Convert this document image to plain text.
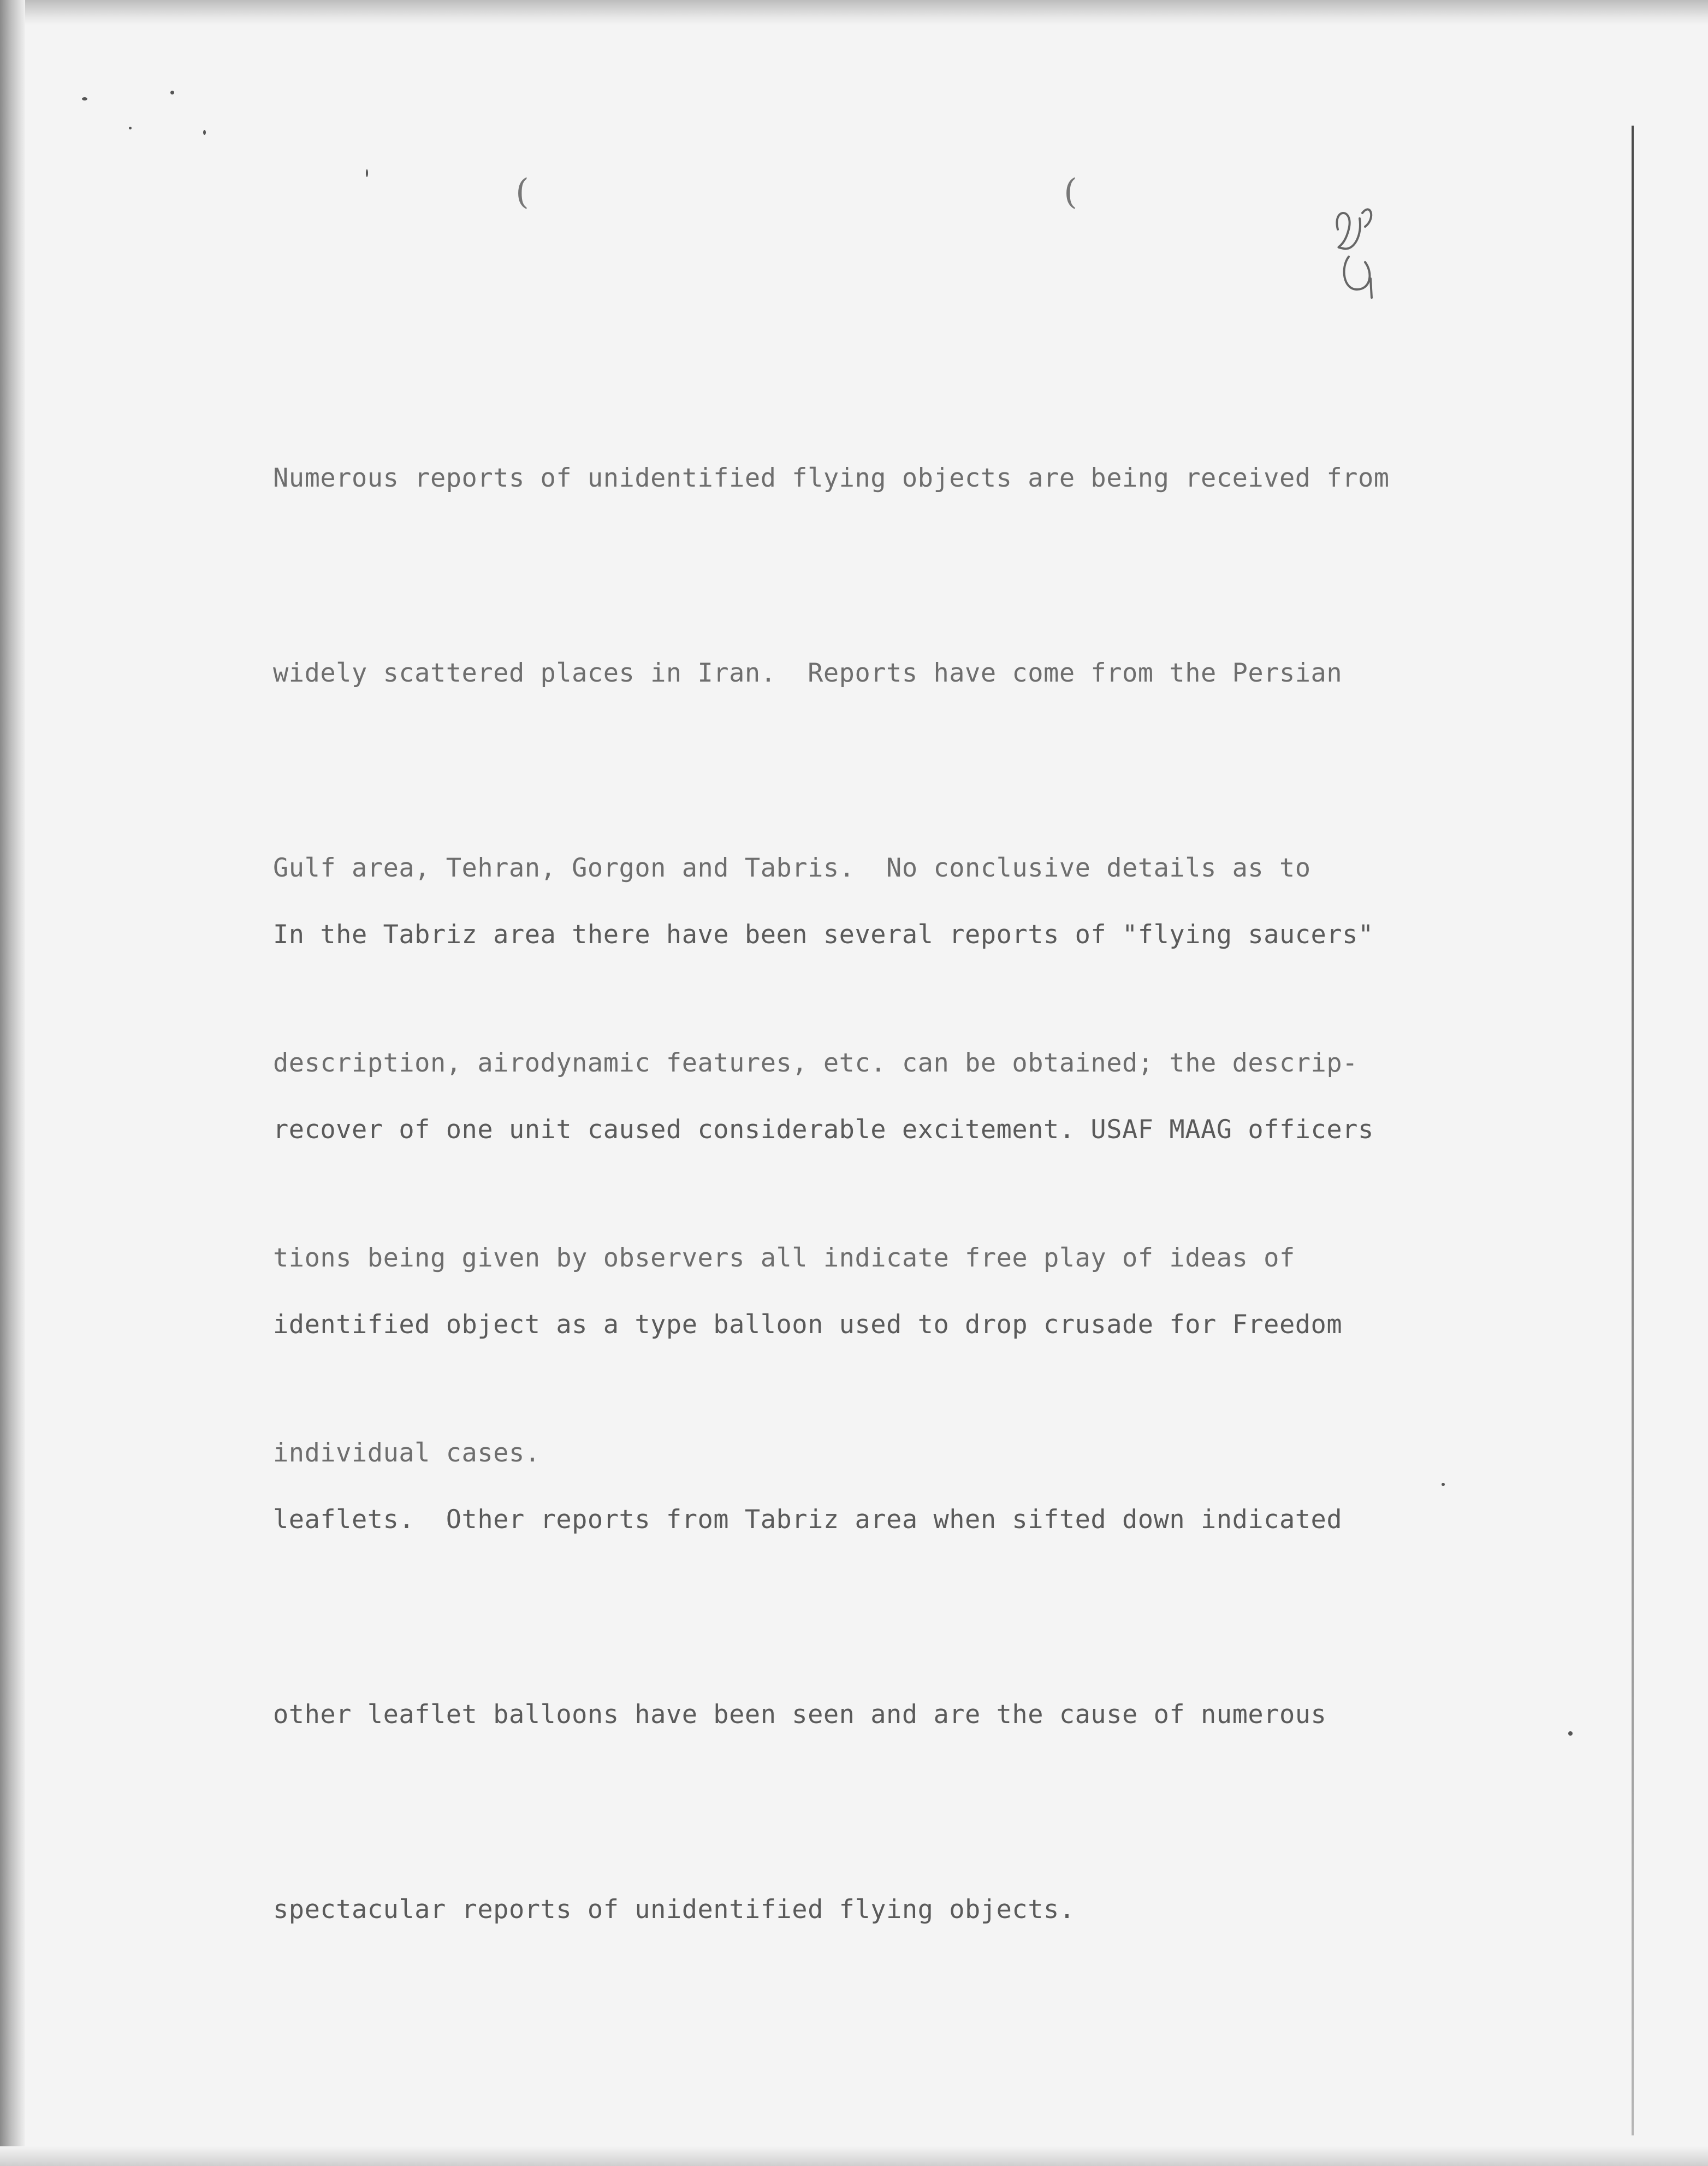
(	(

Numerous reports of unidentified flying objects are being received from

widely scattered places in Iran.  Reports have come from the Persian

Gulf area, Tehran, Gorgon and Tabris.  No conclusive details as to

description, airodynamic features, etc. can be obtained; the descrip-

tions being given by observers all indicate free play of ideas of

individual cases.

In the Tabriz area there have been several reports of "flying saucers"

recover of one unit caused considerable excitement. USAF MAAG officers

identified object as a type balloon used to drop crusade for Freedom

leaflets.  Other reports from Tabriz area when sifted down indicated

other leaflet balloons have been seen and are the cause of numerous

spectacular reports of unidentified flying objects.
